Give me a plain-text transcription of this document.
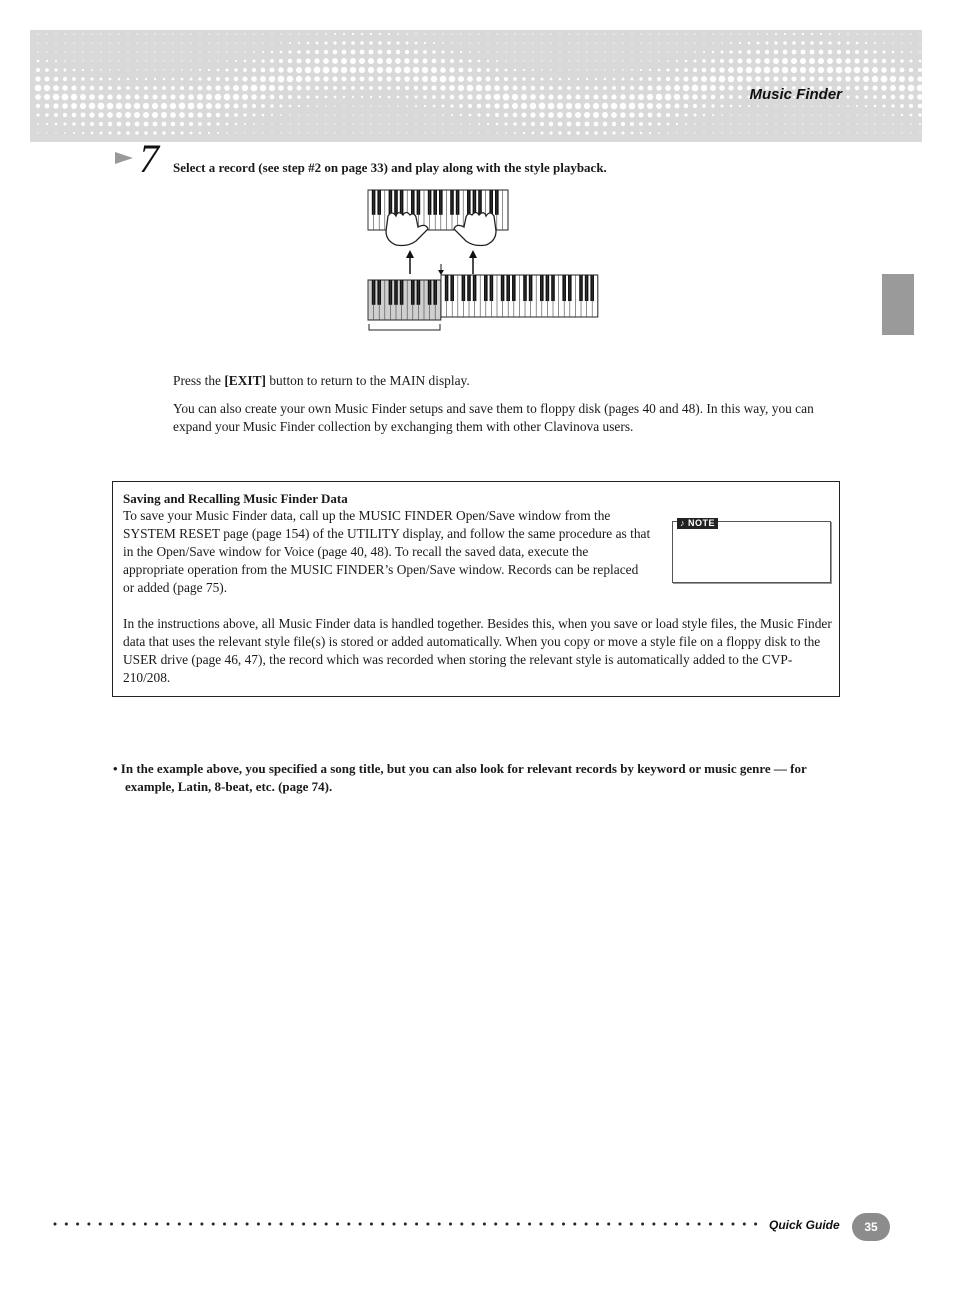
Music Finder
7 Select a record (see step #2 on page 33) and play along with the style playback.
Press the [EXIT] button to return to the MAIN display.
You can also create your own Music Finder setups and save them to floppy disk (pages 40 and 48). In this way, you can expand your Music Finder collection by exchanging them with other Clavinova users.
Saving and Recalling Music Finder Data
To save your Music Finder data, call up the MUSIC FINDER Open/Save window from the SYSTEM RESET page (page 154) of the UTILITY display, and follow the same procedure as that in the Open/Save window for Voice (page 40, 48). To recall the saved data, execute the appropriate operation from the MUSIC FINDER’s Open/Save window. Records can be replaced or added (page 75).
♪ NOTE
In the instructions above, all Music Finder data is handled together. Besides this, when you save or load style files, the Music Finder data that uses the relevant style file(s) is stored or added automatically. When you copy or move a style file on a floppy disk to the USER drive (page 46, 47), the record which was recorded when storing the relevant style is automatically added to the CVP-210/208.
• In the example above, you specified a song title, but you can also look for relevant records by keyword or music genre — for example, Latin, 8-beat, etc. (page 74).
Quick Guide	35
